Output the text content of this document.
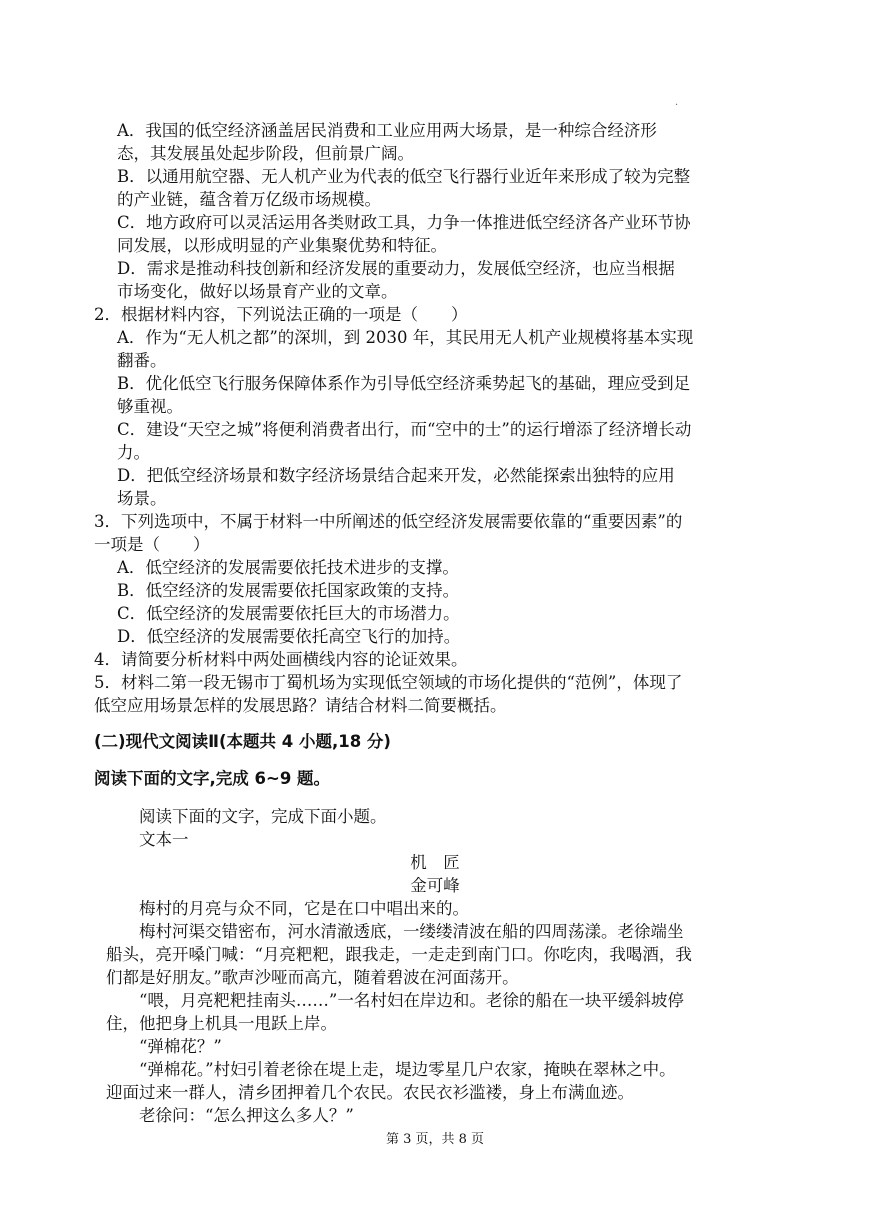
·
A．我国的低空经济涵盖居民消费和工业应用两大场景，是一种综合经济形
态，其发展虽处起步阶段，但前景广阔。
B．以通用航空器、无人机产业为代表的低空飞行器行业近年来形成了较为完整
的产业链，蕴含着万亿级市场规模。
C．地方政府可以灵活运用各类财政工具，力争一体推进低空经济各产业环节协
同发展，以形成明显的产业集聚优势和特征。
D．需求是推动科技创新和经济发展的重要动力，发展低空经济，也应当根据
市场变化，做好以场景育产业的文章。
2．根据材料内容，下列说法正确的一项是（　　）
A．作为“无人机之都”的深圳，到 2030 年，其民用无人机产业规模将基本实现
翻番。
B．优化低空飞行服务保障体系作为引导低空经济乘势起飞的基础，理应受到足
够重视。
C．建设“天空之城”将便利消费者出行，而“空中的士”的运行增添了经济增长动
力。
D．把低空经济场景和数字经济场景结合起来开发，必然能探索出独特的应用
场景。
3．下列选项中，不属于材料一中所阐述的低空经济发展需要依靠的“重要因素”的
一项是（　　）
A．低空经济的发展需要依托技术进步的支撑。
B．低空经济的发展需要依托国家政策的支持。
C．低空经济的发展需要依托巨大的市场潜力。
D．低空经济的发展需要依托高空飞行的加持。
4．请简要分析材料中两处画横线内容的论证效果。
5．材料二第一段无锡市丁蜀机场为实现低空领域的市场化提供的“范例”，体现了
低空应用场景怎样的发展思路？请结合材料二简要概括。
(二)现代文阅读Ⅱ(本题共 4 小题,18 分)
阅读下面的文字,完成 6~9 题。
阅读下面的文字，完成下面小题。
文本一
机　匠
金可峰
梅村的月亮与众不同，它是在口中唱出来的。
梅村河渠交错密布，河水清澈透底，一缕缕清波在船的四周荡漾。老徐端坐
船头，亮开嗓门喊：“月亮粑粑，跟我走，一走走到南门口。你吃肉，我喝酒，我
们都是好朋友。”歌声沙哑而高亢，随着碧波在河面荡开。
“喂，月亮粑粑挂南头……”一名村妇在岸边和。老徐的船在一块平缓斜坡停
住，他把身上机具一甩跃上岸。
“弹棉花？”
“弹棉花。”村妇引着老徐在堤上走，堤边零星几户农家，掩映在翠林之中。
迎面过来一群人，清乡团押着几个农民。农民衣衫滥褛，身上布满血迹。
老徐问：“怎么押这么多人？”
第 3 页，共 8 页
